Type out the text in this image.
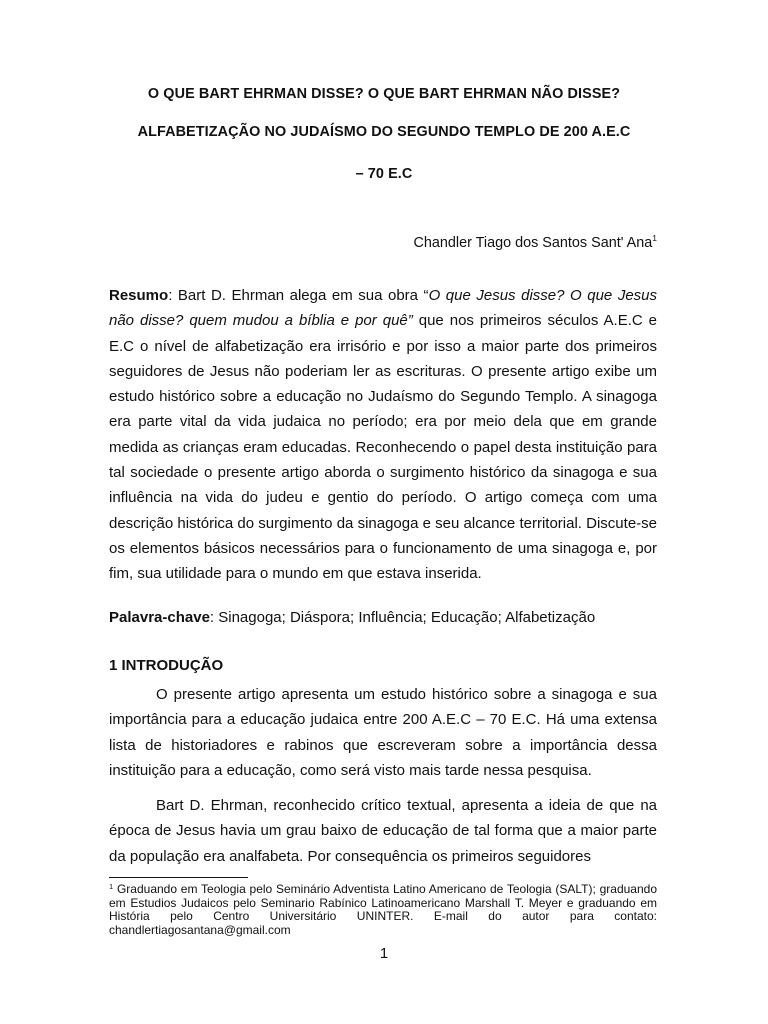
O QUE BART EHRMAN DISSE? O QUE BART EHRMAN NÃO DISSE?
ALFABETIZAÇÃO NO JUDAÍSMO DO SEGUNDO TEMPLO DE 200 A.E.C
– 70 E.C
Chandler Tiago dos Santos Sant' Ana$^1$
Resumo: Bart D. Ehrman alega em sua obra “O que Jesus disse? O que Jesus não disse? quem mudou a bíblia e por quê” que nos primeiros séculos A.E.C e E.C o nível de alfabetização era irrisório e por isso a maior parte dos primeiros seguidores de Jesus não poderiam ler as escrituras. O presente artigo exibe um estudo histórico sobre a educação no Judaísmo do Segundo Templo. A sinagoga era parte vital da vida judaica no período; era por meio dela que em grande medida as crianças eram educadas. Reconhecendo o papel desta instituição para tal sociedade o presente artigo aborda o surgimento histórico da sinagoga e sua influência na vida do judeu e gentio do período. O artigo começa com uma descrição histórica do surgimento da sinagoga e seu alcance territorial. Discute-se os elementos básicos necessários para o funcionamento de uma sinagoga e, por fim, sua utilidade para o mundo em que estava inserida.
Palavra-chave: Sinagoga; Diáspora; Influência; Educação; Alfabetização
1 INTRODUÇÃO
O presente artigo apresenta um estudo histórico sobre a sinagoga e sua importância para a educação judaica entre 200 A.E.C – 70 E.C. Há uma extensa lista de historiadores e rabinos que escreveram sobre a importância dessa instituição para a educação, como será visto mais tarde nessa pesquisa.
Bart D. Ehrman, reconhecido crítico textual, apresenta a ideia de que na época de Jesus havia um grau baixo de educação de tal forma que a maior parte da população era analfabeta. Por consequência os primeiros seguidores
$^1$ Graduando em Teologia pelo Seminário Adventista Latino Americano de Teologia (SALT); graduando em Estudios Judaicos pelo Seminario Rabínico Latinoamericano Marshall T. Meyer e graduando em História pelo Centro Universitário UNINTER. E-mail do autor para contato: chandlertiagosantana@gmail.com
1
